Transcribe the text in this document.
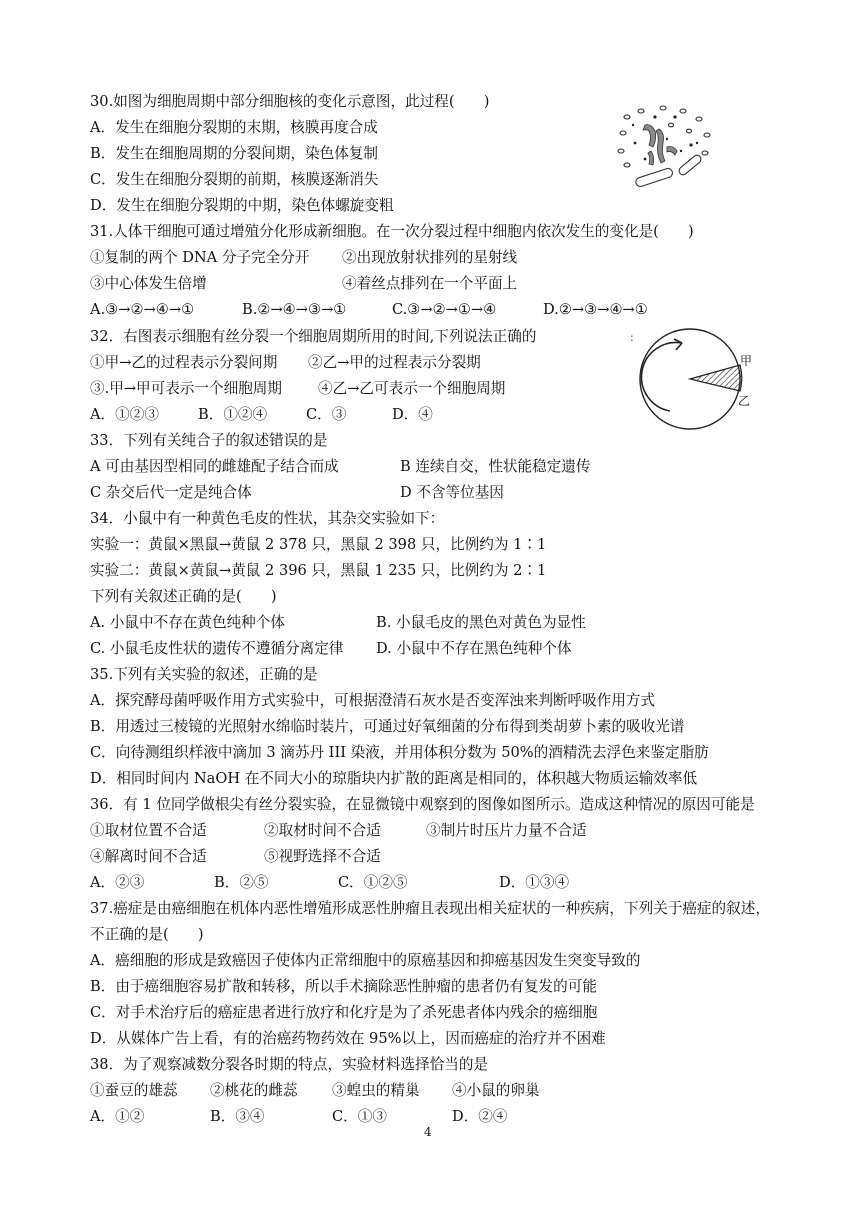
30.如图为细胞周期中部分细胞核的变化示意图，此过程(　　)
A．发生在细胞分裂期的末期，核膜再度合成
B．发生在细胞周期的分裂间期，染色体复制
C．发生在细胞分裂期的前期，核膜逐渐消失
D．发生在细胞分裂期的中期，染色体螺旋变粗
31.人体干细胞可通过增殖分化形成新细胞。在一次分裂过程中细胞内依次发生的变化是(　　)
①复制的两个 DNA 分子完全分开 ②出现放射状排列的星射线
③中心体发生倍增	④着丝点排列在一个平面上
A.③→②→④→①	B.②→④→③→①	C.③→②→①→④	D.②→③→④→①
32．右图表示细胞有丝分裂一个细胞周期所用的时间,下列说法正确的
①甲→乙的过程表示分裂间期 ②乙→甲的过程表示分裂期
③.甲→甲可表示一个细胞周期 ④乙→乙可表示一个细胞周期
A．①②③	B．①②④	C．③	D．④
:
甲
乙
33．下列有关纯合子的叙述错误的是
A 可由基因型相同的雌雄配子结合而成	B 连续自交，性状能稳定遗传
C 杂交后代一定是纯合体	D 不含等位基因
34．小鼠中有一种黄色毛皮的性状，其杂交实验如下：
实验一：黄鼠×黑鼠→黄鼠 2 378 只，黑鼠 2 398 只，比例约为 1∶1
实验二：黄鼠×黄鼠→黄鼠 2 396 只，黑鼠 1 235 只，比例约为 2∶1
下列有关叙述正确的是(　　)
A. 小鼠中不存在黄色纯种个体	B. 小鼠毛皮的黑色对黄色为显性
C. 小鼠毛皮性状的遗传不遵循分离定律 D. 小鼠中不存在黑色纯种个体
35.下列有关实验的叙述，正确的是
A．探究酵母菌呼吸作用方式实验中，可根据澄清石灰水是否变浑浊来判断呼吸作用方式
B．用透过三棱镜的光照射水绵临时装片，可通过好氧细菌的分布得到类胡萝卜素的吸收光谱
C．向待测组织样液中滴加 3 滴苏丹 III 染液，并用体积分数为 50%的酒精洗去浮色来鉴定脂肪
D．相同时间内 NaOH 在不同大小的琼脂块内扩散的距离是相同的，体积越大物质运输效率低
36．有 1 位同学做根尖有丝分裂实验，在显微镜中观察到的图像如图所示。造成这种情况的原因可能是
①取材位置不合适	②取材时间不合适	③制片时压片力量不合适
④解离时间不合适	⑤视野选择不合适
A．②③	B．②⑤	C．①②⑤	D．①③④
37.癌症是由癌细胞在机体内恶性增殖形成恶性肿瘤且表现出相关症状的一种疾病，下列关于癌症的叙述，
不正确的是(　　)
A．癌细胞的形成是致癌因子使体内正常细胞中的原癌基因和抑癌基因发生突变导致的
B．由于癌细胞容易扩散和转移，所以手术摘除恶性肿瘤的患者仍有复发的可能
C．对手术治疗后的癌症患者进行放疗和化疗是为了杀死患者体内残余的癌细胞
D．从媒体广告上看，有的治癌药物药效在 95%以上，因而癌症的治疗并不困难
38．为了观察减数分裂各时期的特点，实验材料选择恰当的是
①蚕豆的雄蕊 ②桃花的雌蕊 ③蝗虫的精巢 ④小鼠的卵巢
A．①②	B．③④	C．①③	D．②④
4
